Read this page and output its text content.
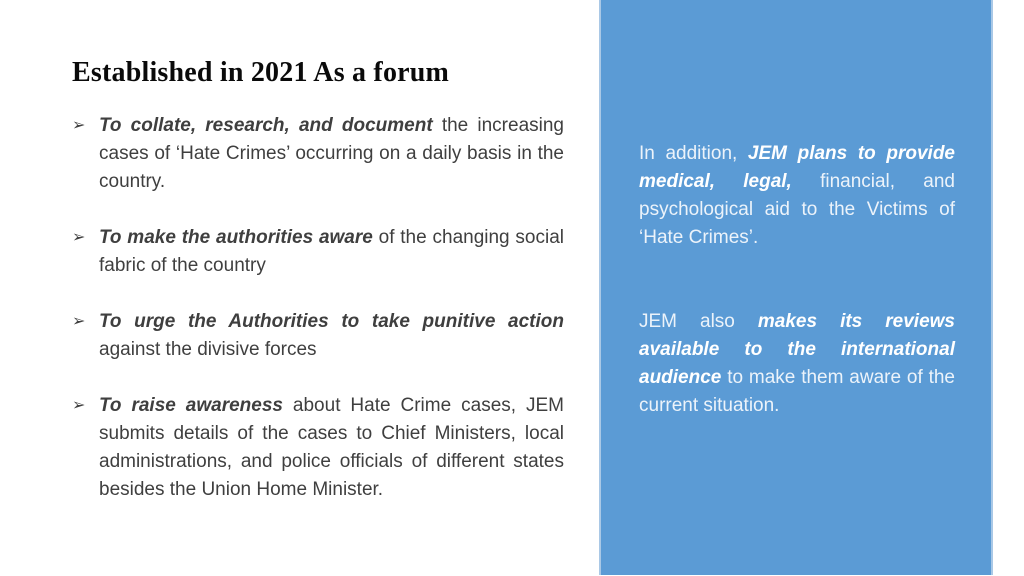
Established in 2021 As a forum
➢ To collate, research, and document the increasing cases of ‘Hate Crimes’ occurring on a daily basis in the country.
➢ To make the authorities aware of the changing social fabric of the country
➢ To urge the Authorities to take punitive action against the divisive forces
➢ To raise awareness about Hate Crime cases, JEM submits details of the cases to Chief Ministers, local administrations, and police officials of different states besides the Union Home Minister.

In addition, JEM plans to provide medical, legal, financial, and psychological aid to the Victims of ‘Hate Crimes’.

JEM also makes its reviews available to the international audience to make them aware of the current situation.
